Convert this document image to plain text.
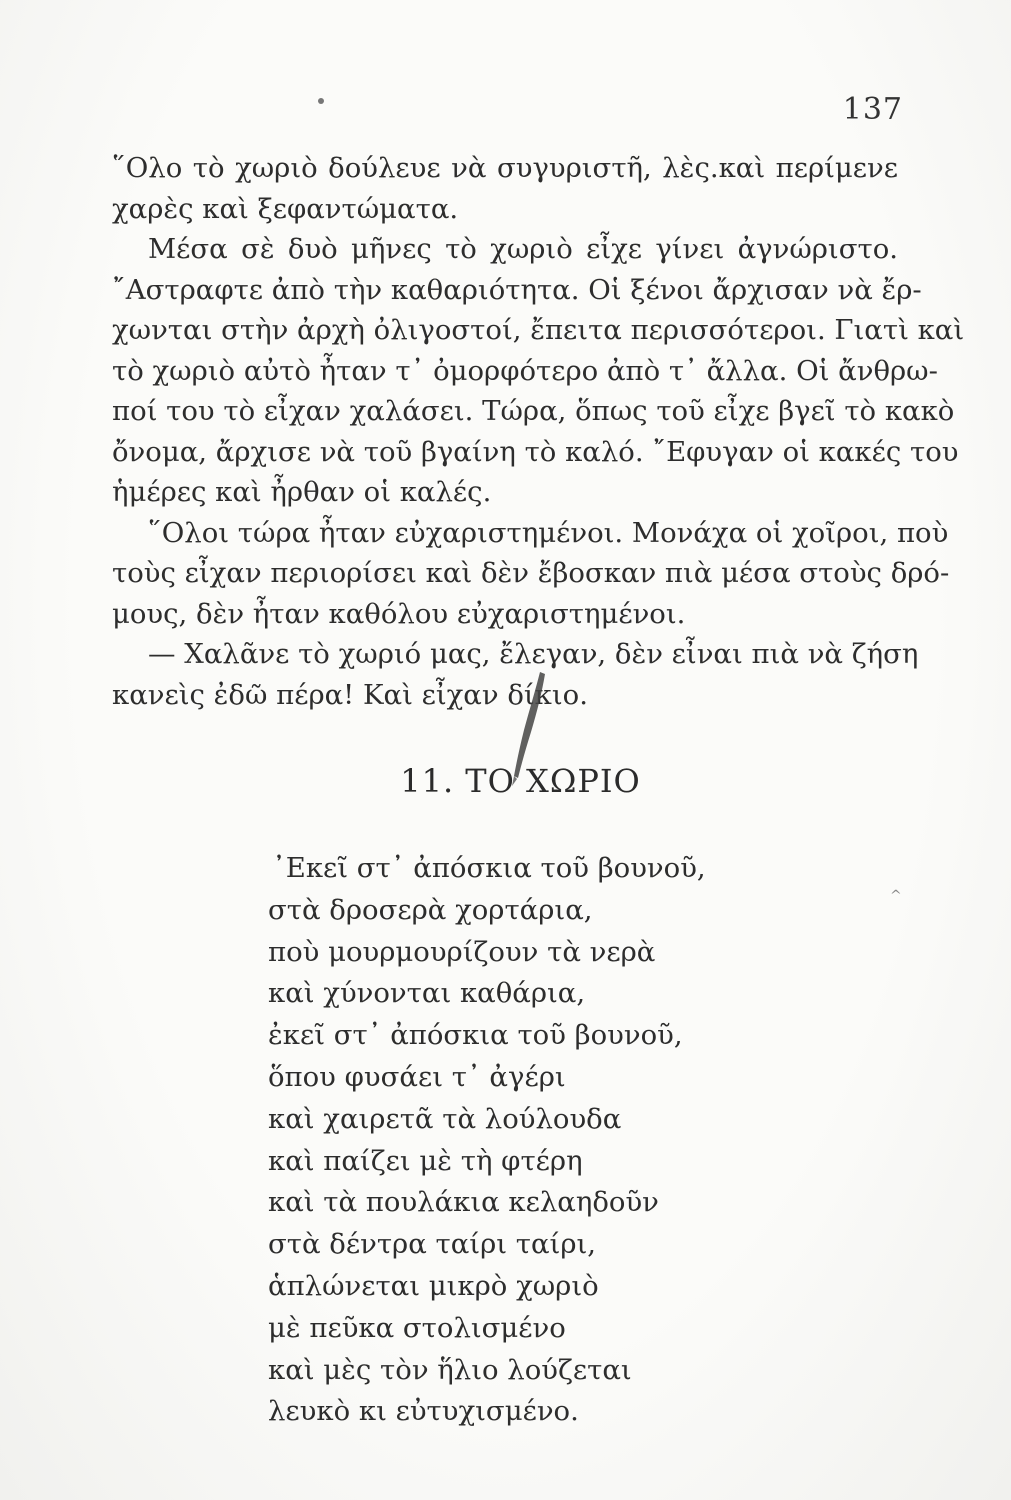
137
῞Ολο τὸ χωριὸ δούλευε νὰ συγυριστῆ, λὲς.καὶ περίμενε
χαρὲς καὶ ξεφαντώματα.
Μέσα σὲ δυὸ μῆνες τὸ χωριὸ εἶχε γίνει ἀγνώριστο.
῎Αστραφτε ἀπὸ τὴν καθαριότητα. Οἱ ξένοι ἄρχισαν νὰ ἔρ-
χωνται στὴν ἀρχὴ ὀλιγοστοί, ἔπειτα περισσότεροι. Γιατὶ καὶ
τὸ χωριὸ αὐτὸ ἦταν τ᾽ ὀμορφότερο ἀπὸ τ᾽ ἄλλα. Οἱ ἄνθρω-
ποί του τὸ εἶχαν χαλάσει. Τώρα, ὅπως τοῦ εἶχε βγεῖ τὸ κακὸ
ὄνομα, ἄρχισε νὰ τοῦ βγαίνη τὸ καλό. ῎Εφυγαν οἱ κακές του
ἡμέρες καὶ ἦρθαν οἱ καλές.
῞Ολοι τώρα ἦταν εὐχαριστημένοι. Μονάχα οἱ χοῖροι, ποὺ
τοὺς εἶχαν περιορίσει καὶ δὲν ἔβοσκαν πιὰ μέσα στοὺς δρό-
μους, δὲν ἦταν καθόλου εὐχαριστημένοι.
— Χαλᾶνε τὸ χωριό μας, ἔλεγαν, δὲν εἶναι πιὰ νὰ ζήση
κανεὶς ἐδῶ πέρα! Καὶ εἶχαν δίκιο.
11. ΤΟ ΧΩΡΙΟ
᾽Εκεῖ στ᾽ ἀπόσκια τοῦ βουνοῦ,
στὰ δροσερὰ χορτάρια,
ποὺ μουρμουρίζουν τὰ νερὰ
καὶ χύνονται καθάρια,
ἐκεῖ στ᾽ ἀπόσκια τοῦ βουνοῦ,
ὅπου φυσάει τ᾽ ἀγέρι
καὶ χαιρετᾶ τὰ λούλουδα
καὶ παίζει μὲ τὴ φτέρη
καὶ τὰ πουλάκια κελαηδοῦν
στὰ δέντρα ταίρι ταίρι,
ἁπλώνεται μικρὸ χωριὸ
μὲ πεῦκα στολισμένο
καὶ μὲς τὸν ἥλιο λούζεται
λευκὸ κι εὐτυχισμένο.
^
